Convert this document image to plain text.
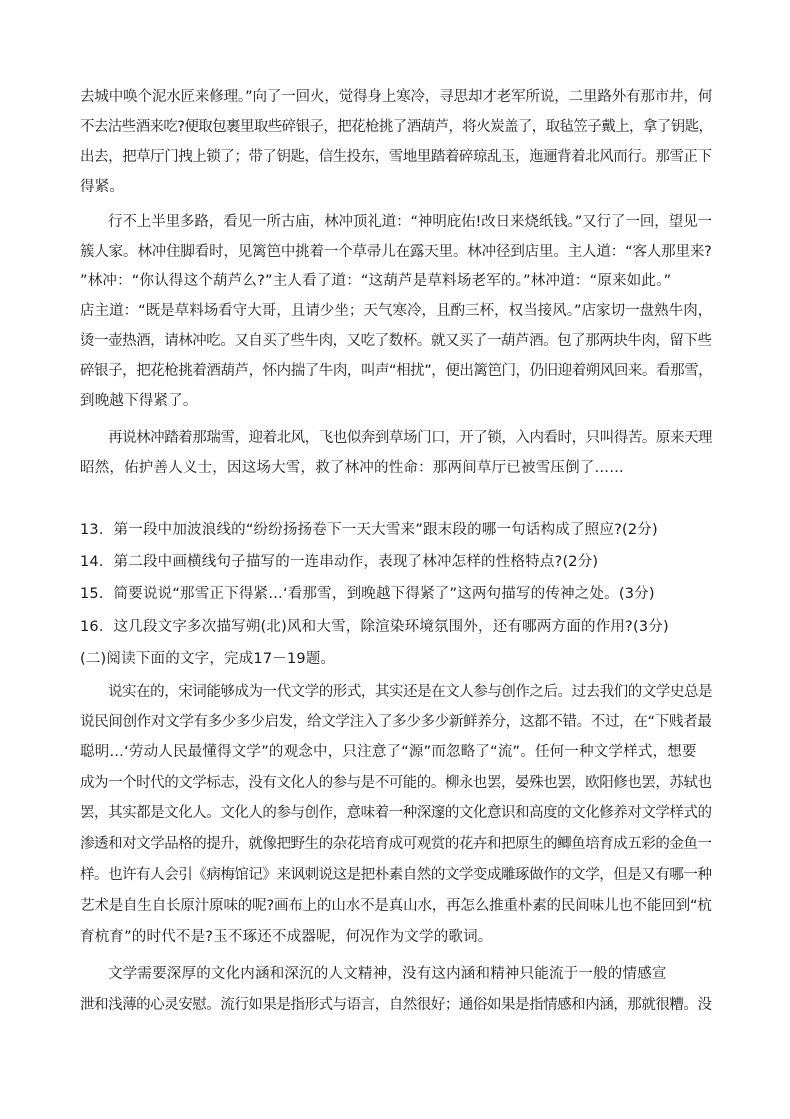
去城中唤个泥水匠来修理。”向了一回火，觉得身上寒冷，寻思却才老军所说，二里路外有那市井，何
不去沽些酒来吃?便取包裹里取些碎银子，把花枪挑了酒葫芦，将火炭盖了，取毡笠子戴上，拿了钥匙，
出去，把草厅门拽上锁了；带了钥匙，信生投东，雪地里踏着碎琼乱玉，迤逦背着北风而行。那雪正下
得紧。
行不上半里多路，看见一所古庙，林冲顶礼道：“神明庇佑!改日来烧纸钱。”又行了一回，望见一
簇人家。林冲住脚看时，见篱笆中挑着一个草帚儿在露天里。林冲径到店里。主人道：“客人那里来?
”林冲：“你认得这个葫芦么?”主人看了道：“这葫芦是草料场老军的。”林冲道：“原来如此。”
店主道：“既是草料场看守大哥，且请少坐；天气寒冷，且酌三杯，权当接风。”店家切一盘熟牛肉，
烫一壶热酒，请林冲吃。又自买了些牛肉，又吃了数杯。就又买了一葫芦酒。包了那两块牛肉，留下些
碎银子，把花枪挑着酒葫芦，怀内揣了牛肉，叫声“相扰”，便出篱笆门，仍旧迎着朔风回来。看那雪，
到晚越下得紧了。
再说林冲踏着那瑞雪，迎着北风，飞也似奔到草场门口，开了锁，入内看时，只叫得苦。原来天理
昭然，佑护善人义士，因这场大雪，救了林冲的性命：那两间草厅已被雪压倒了……
13．第一段中加波浪线的“纷纷扬扬卷下一天大雪来”跟末段的哪一句话构成了照应?(2分)
14．第二段中画横线句子描写的一连串动作，表现了林冲怎样的性格特点?(2分)
15．简要说说“那雪正下得紧…‘看那雪，到晚越下得紧了”这两句描写的传神之处。(3分)
16．这几段文字多次描写朔(北)风和大雪，除渲染环境氛围外，还有哪两方面的作用?(3分)
(二)阅读下面的文字，完成17－19题。
说实在的，宋词能够成为一代文学的形式，其实还是在文人参与创作之后。过去我们的文学史总是
说民间创作对文学有多少多少启发，给文学注入了多少多少新鲜养分，这都不错。不过，在“下贱者最
聪明…‘劳动人民最懂得文学”的观念中，只注意了“源”而忽略了“流”。任何一种文学样式，想要
成为一个时代的文学标志，没有文化人的参与是不可能的。柳永也罢，晏殊也罢，欧阳修也罢，苏轼也
罢，其实都是文化人。文化人的参与创作，意味着一种深邃的文化意识和高度的文化修养对文学样式的
渗透和对文学品格的提升，就像把野生的杂花培育成可观赏的花卉和把原生的鲫鱼培育成五彩的金鱼一
样。也许有人会引《病梅馆记》来讽刺说这是把朴素自然的文学变成雕琢做作的文学，但是又有哪一种
艺术是自生自长原汁原味的呢?画布上的山水不是真山水，再怎么推重朴素的民间味儿也不能回到“杭
育杭育”的时代不是?玉不琢还不成器呢，何况作为文学的歌词。
文学需要深厚的文化内涵和深沉的人文精神，没有这内涵和精神只能流于一般的情感宣
泄和浅薄的心灵安慰。流行如果是指形式与语言，自然很好；通俗如果是指情感和内涵，那就很糟。没
